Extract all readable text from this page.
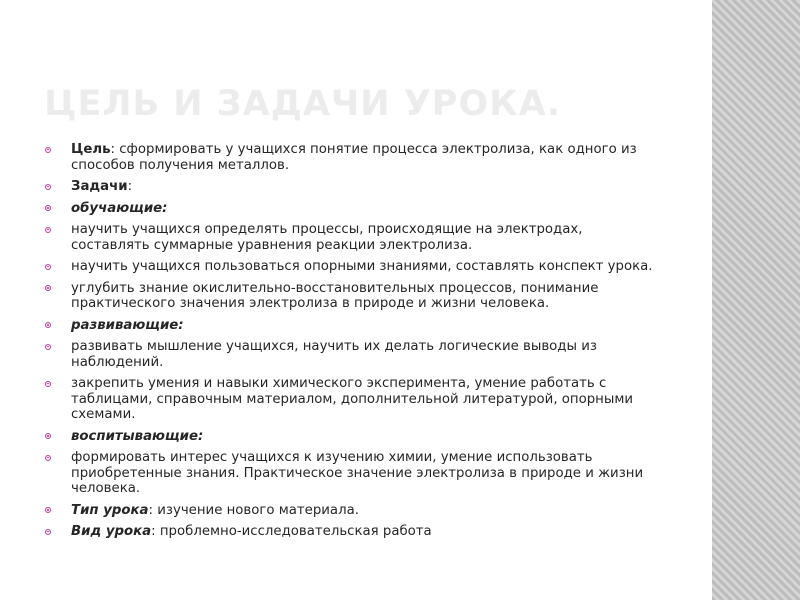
ЦЕЛЬ И ЗАДАЧИ УРОКА.
Цель: сформировать у учащихся понятие процесса электролиза, как одного из способов получения металлов.
Задачи:
обучающие:
научить учащихся определять процессы, происходящие на электродах, составлять суммарные уравнения реакции электролиза.
научить учащихся пользоваться опорными знаниями, составлять конспект урока.
углубить знание окислительно-восстановительных процессов, понимание практического значения электролиза в природе и жизни человека.
развивающие:
развивать мышление учащихся, научить их делать логические выводы из наблюдений.
закрепить умения и навыки химического эксперимента, умение работать с таблицами, справочным материалом, дополнительной литературой, опорными схемами.
воспитывающие:
формировать интерес учащихся к изучению химии, умение использовать приобретенные знания. Практическое значение электролиза в природе и жизни человека.
Тип урока: изучение нового материала.
Вид урока: проблемно-исследовательская работа
